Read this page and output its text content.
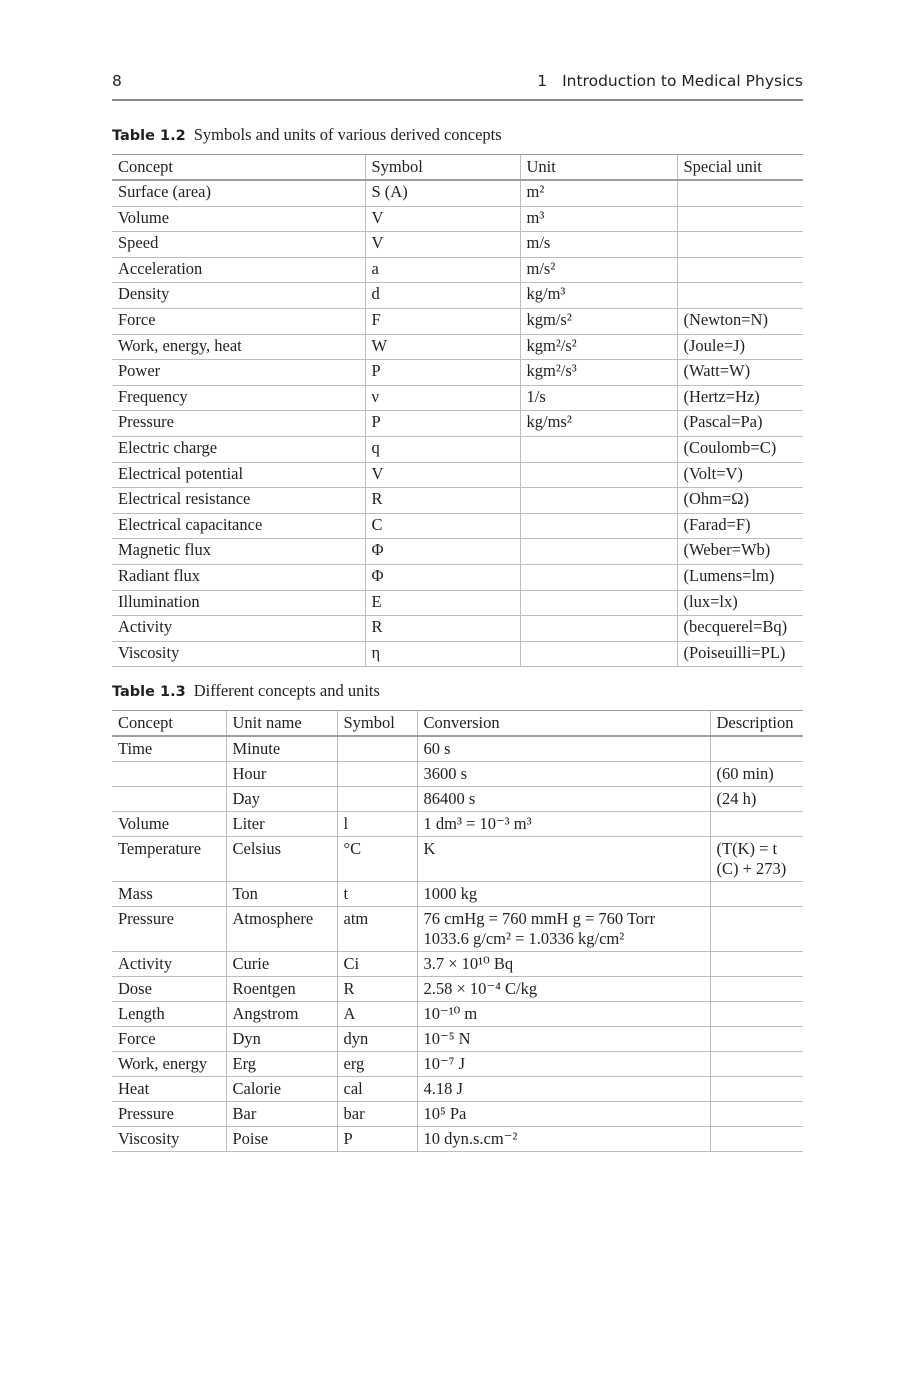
8	1 Introduction to Medical Physics
Table 1.2 Symbols and units of various derived concepts
Concept	Symbol	Unit	Special unit
Surface (area)	S (A)	m²	
Volume	V	m³	
Speed	V	m/s	
Acceleration	a	m/s²	
Density	d	kg/m³	
Force	F	kgm/s²	(Newton=N)
Work, energy, heat	W	kgm²/s²	(Joule=J)
Power	P	kgm²/s³	(Watt=W)
Frequency	ν	1/s	(Hertz=Hz)
Pressure	P	kg/ms²	(Pascal=Pa)
Electric charge	q		(Coulomb=C)
Electrical potential	V		(Volt=V)
Electrical resistance	R		(Ohm=Ω)
Electrical capacitance	C		(Farad=F)
Magnetic flux	Φ		(Weber=Wb)
Radiant flux	Φ		(Lumens=lm)
Illumination	E		(lux=lx)
Activity	R		(becquerel=Bq)
Viscosity	η		(Poiseuilli=PL)
Table 1.3 Different concepts and units
Concept	Unit name	Symbol	Conversion	Description
Time	Minute		60 s	
	Hour		3600 s	(60 min)
	Day		86400 s	(24 h)
Volume	Liter	l	1 dm³ = 10⁻³ m³	
Temperature	Celsius	°C	K	(T(K) = t (C) + 273)
Mass	Ton	t	1000 kg	
Pressure	Atmosphere	atm	76 cmHg = 760 mmH g = 760 Torr 1033.6 g/cm² = 1.0336 kg/cm²	
Activity	Curie	Ci	3.7 × 10¹⁰ Bq	
Dose	Roentgen	R	2.58 × 10⁻⁴ C/kg	
Length	Angstrom	A	10⁻¹⁰ m	
Force	Dyn	dyn	10⁻⁵ N	
Work, energy	Erg	erg	10⁻⁷ J	
Heat	Calorie	cal	4.18 J	
Pressure	Bar	bar	10⁵ Pa	
Viscosity	Poise	P	10 dyn.s.cm⁻²	
